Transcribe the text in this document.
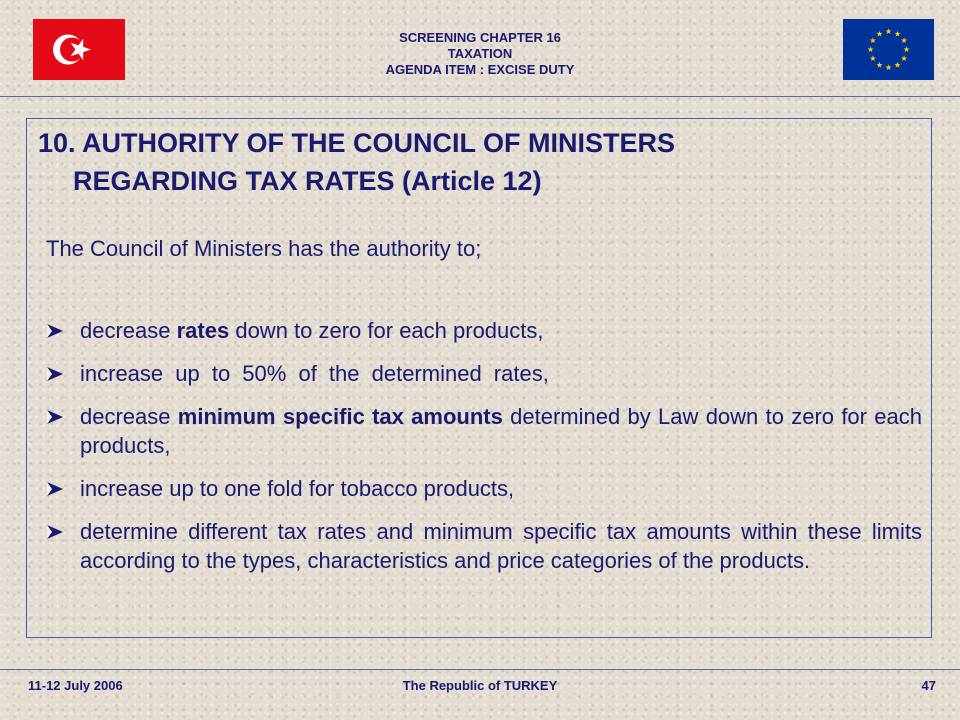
SCREENING CHAPTER 16
TAXATION
AGENDA ITEM : EXCISE DUTY
10. AUTHORITY OF THE COUNCIL OF MINISTERS
REGARDING TAX RATES (Article 12)
The Council of Ministers has the authority to;
decrease rates down to zero for each products,
increase up to 50% of the determined rates,
decrease minimum specific tax amounts determined by Law down to zero for each products,
increase up to one fold for tobacco products,
determine different tax rates and minimum specific tax amounts within these limits according to the types, characteristics and price categories of the products.
11-12 July 2006	The Republic of TURKEY	47
